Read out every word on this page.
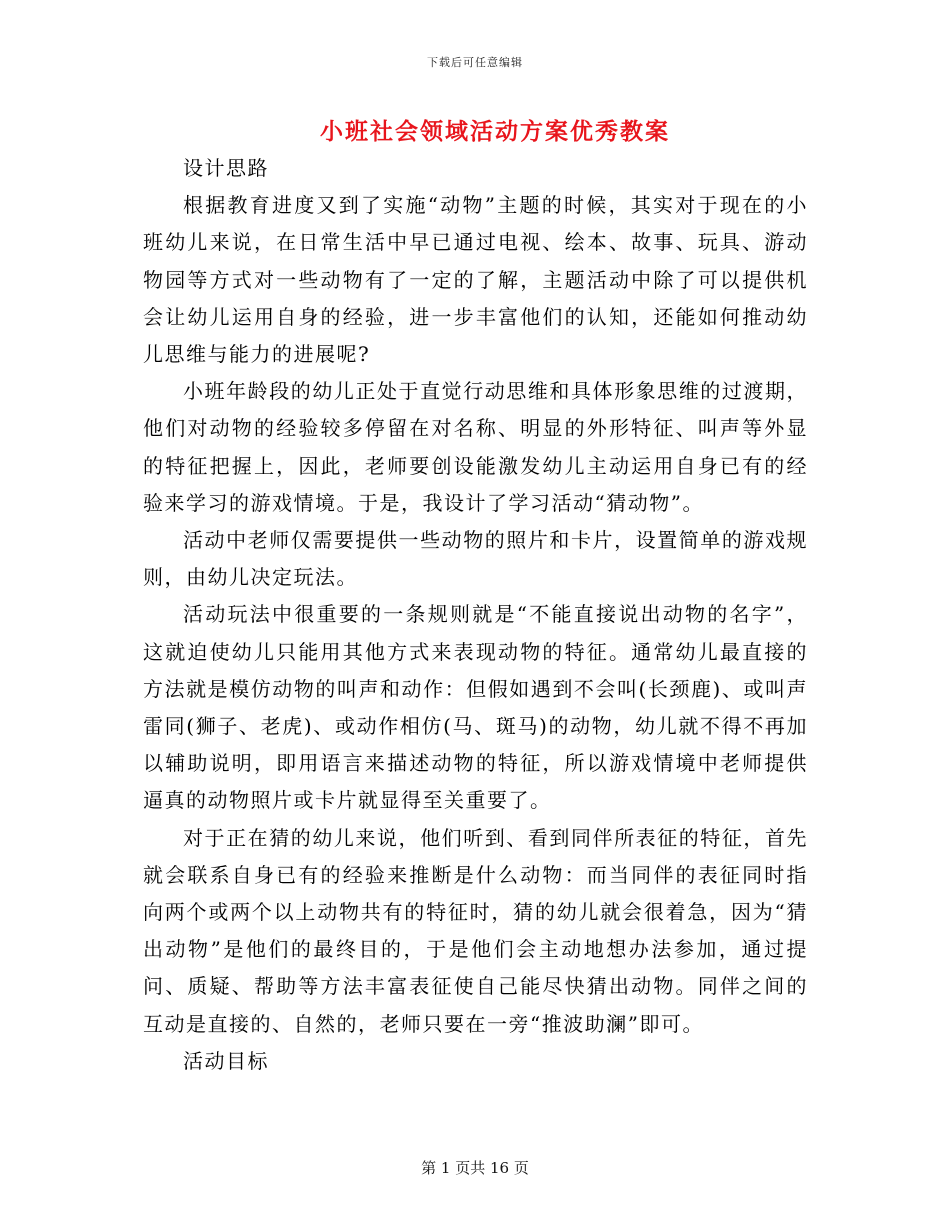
下载后可任意编辑
小班社会领域活动方案优秀教案

设计思路

根据教育进度又到了实施“动物”主题的时候，其实对于现在的小班幼儿来说，在日常生活中早已通过电视、绘本、故事、玩具、游动物园等方式对一些动物有了一定的了解，主题活动中除了可以提供机会让幼儿运用自身的经验，进一步丰富他们的认知，还能如何推动幼儿思维与能力的进展呢?

小班年龄段的幼儿正处于直觉行动思维和具体形象思维的过渡期，他们对动物的经验较多停留在对名称、明显的外形特征、叫声等外显的特征把握上，因此，老师要创设能激发幼儿主动运用自身已有的经验来学习的游戏情境。于是，我设计了学习活动“猜动物”。

活动中老师仅需要提供一些动物的照片和卡片，设置简单的游戏规则，由幼儿决定玩法。

活动玩法中很重要的一条规则就是“不能直接说出动物的名字”，这就迫使幼儿只能用其他方式来表现动物的特征。通常幼儿最直接的方法就是模仿动物的叫声和动作：但假如遇到不会叫(长颈鹿)、或叫声雷同(狮子、老虎)、或动作相仿(马、斑马)的动物，幼儿就不得不再加以辅助说明，即用语言来描述动物的特征，所以游戏情境中老师提供逼真的动物照片或卡片就显得至关重要了。

对于正在猜的幼儿来说，他们听到、看到同伴所表征的特征，首先就会联系自身已有的经验来推断是什么动物：而当同伴的表征同时指向两个或两个以上动物共有的特征时，猜的幼儿就会很着急，因为“猜出动物”是他们的最终目的，于是他们会主动地想办法参加，通过提问、质疑、帮助等方法丰富表征使自己能尽快猜出动物。同伴之间的互动是直接的、自然的，老师只要在一旁“推波助澜”即可。

活动目标

第 1 页共 16 页
